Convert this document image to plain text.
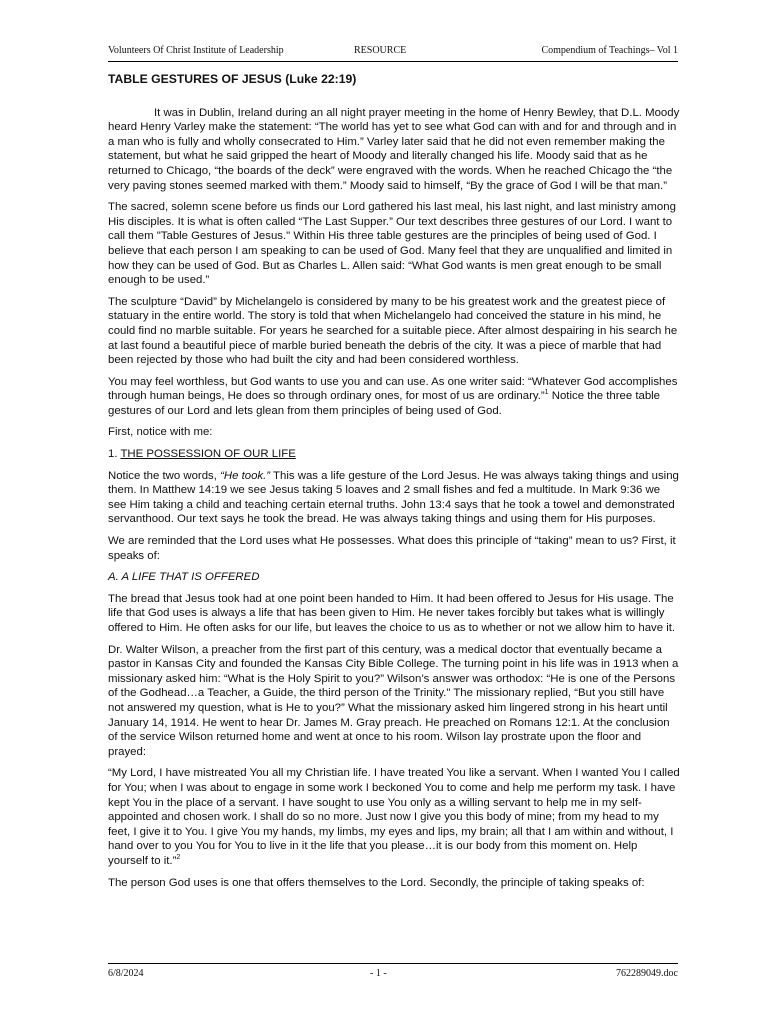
Volunteers Of Christ Institute of Leadership	RESOURCE	Compendium of Teachings– Vol 1

TABLE GESTURES OF JESUS (Luke 22:19)

It was in Dublin, Ireland during an all night prayer meeting in the home of Henry Bewley, that D.L. Moody heard Henry Varley make the statement: “The world has yet to see what God can with and for and through and in a man who is fully and wholly consecrated to Him.” Varley later said that he did not even remember making the statement, but what he said gripped the heart of Moody and literally changed his life. Moody said that as he returned to Chicago, “the boards of the deck” were engraved with the words. When he reached Chicago the “the very paving stones seemed marked with them.” Moody said to himself, “By the grace of God I will be that man.”

The sacred, solemn scene before us finds our Lord gathered his last meal, his last night, and last ministry among His disciples. It is what is often called “The Last Supper.” Our text describes three gestures of our Lord. I want to call them "Table Gestures of Jesus." Within His three table gestures are the principles of being used of God. I believe that each person I am speaking to can be used of God. Many feel that they are unqualified and limited in how they can be used of God. But as Charles L. Allen said: “What God wants is men great enough to be small enough to be used.”

The sculpture “David” by Michelangelo is considered by many to be his greatest work and the greatest piece of statuary in the entire world. The story is told that when Michelangelo had conceived the stature in his mind, he could find no marble suitable. For years he searched for a suitable piece. After almost despairing in his search he at last found a beautiful piece of marble buried beneath the debris of the city. It was a piece of marble that had been rejected by those who had built the city and had been considered worthless.

You may feel worthless, but God wants to use you and can use. As one writer said: “Whatever God accomplishes through human beings, He does so through ordinary ones, for most of us are ordinary.”$^1$ Notice the three table gestures of our Lord and lets glean from them principles of being used of God.

First, notice with me:

1. THE POSSESSION OF OUR LIFE

Notice the two words, “He took.” This was a life gesture of the Lord Jesus. He was always taking things and using them. In Matthew 14:19 we see Jesus taking 5 loaves and 2 small fishes and fed a multitude. In Mark 9:36 we see Him taking a child and teaching certain eternal truths. John 13:4 says that he took a towel and demonstrated servanthood. Our text says he took the bread. He was always taking things and using them for His purposes.

We are reminded that the Lord uses what He possesses. What does this principle of “taking” mean to us? First, it speaks of:

A. A LIFE THAT IS OFFERED

The bread that Jesus took had at one point been handed to Him. It had been offered to Jesus for His usage. The life that God uses is always a life that has been given to Him. He never takes forcibly but takes what is willingly offered to Him. He often asks for our life, but leaves the choice to us as to whether or not we allow him to have it.

Dr. Walter Wilson, a preacher from the first part of this century, was a medical doctor that eventually became a pastor in Kansas City and founded the Kansas City Bible College. The turning point in his life was in 1913 when a missionary asked him: “What is the Holy Spirit to you?” Wilson’s answer was orthodox: “He is one of the Persons of the Godhead…a Teacher, a Guide, the third person of the Trinity." The missionary replied, “But you still have not answered my question, what is He to you?” What the missionary asked him lingered strong in his heart until January 14, 1914. He went to hear Dr. James M. Gray preach. He preached on Romans 12:1. At the conclusion of the service Wilson returned home and went at once to his room. Wilson lay prostrate upon the floor and prayed:

“My Lord, I have mistreated You all my Christian life. I have treated You like a servant. When I wanted You I called for You; when I was about to engage in some work I beckoned You to come and help me perform my task. I have kept You in the place of a servant. I have sought to use You only as a willing servant to help me in my self-appointed and chosen work. I shall do so no more. Just now I give you this body of mine; from my head to my feet, I give it to You. I give You my hands, my limbs, my eyes and lips, my brain; all that I am within and without, I hand over to you You for You to live in it the life that you please…it is our body from this moment on. Help yourself to it.”$^2$

The person God uses is one that offers themselves to the Lord. Secondly, the principle of taking speaks of:

6/8/2024	- 1 -	762289049.doc
